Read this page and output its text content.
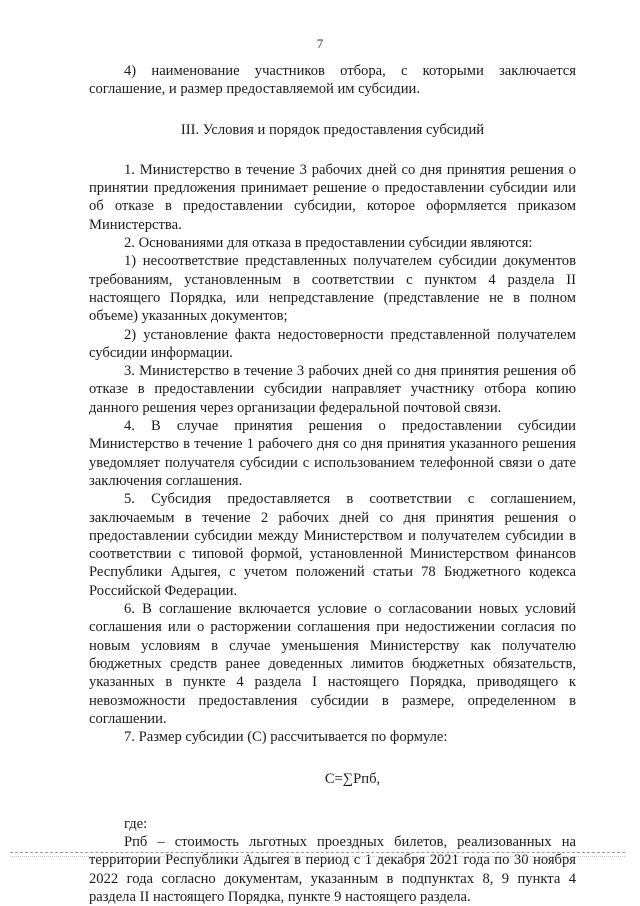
7

4) наименование участников отбора, с которыми заключается соглашение, и размер предоставляемой им субсидии.

III. Условия и порядок предоставления субсидий

1. Министерство в течение 3 рабочих дней со дня принятия решения о принятии предложения принимает решение о предоставлении субсидии или об отказе в предоставлении субсидии, которое оформляется приказом Министерства.

2. Основаниями для отказа в предоставлении субсидии являются:

1) несоответствие представленных получателем субсидии документов требованиям, установленным в соответствии с пунктом 4 раздела II настоящего Порядка, или непредставление (представление не в полном объеме) указанных документов;

2) установление факта недостоверности представленной получателем субсидии информации.

3. Министерство в течение 3 рабочих дней со дня принятия решения об отказе в предоставлении субсидии направляет участнику отбора копию данного решения через организации федеральной почтовой связи.

4. В случае принятия решения о предоставлении субсидии Министерство в течение 1 рабочего дня со дня принятия указанного решения уведомляет получателя субсидии с использованием телефонной связи о дате заключения соглашения.

5. Субсидия предоставляется в соответствии с соглашением, заключаемым в течение 2 рабочих дней со дня принятия решения о предоставлении субсидии между Министерством и получателем субсидии в соответствии с типовой формой, установленной Министерством финансов Республики Адыгея, с учетом положений статьи 78 Бюджетного кодекса Российской Федерации.

6. В соглашение включается условие о согласовании новых условий соглашения или о расторжении соглашения при недостижении согласия по новым условиям в случае уменьшения Министерству как получателю бюджетных средств ранее доведенных лимитов бюджетных обязательств, указанных в пункте 4 раздела I настоящего Порядка, приводящего к невозможности предоставления субсидии в размере, определенном в соглашении.

7. Размер субсидии (С) рассчитывается по формуле:

C=∑Pпб,

где:

Pпб – стоимость льготных проездных билетов, реализованных на территории Республики Адыгея в период с 1 декабря 2021 года по 30 ноября 2022 года согласно документам, указанным в подпунктах 8, 9 пункта 4 раздела II настоящего Порядка, пункте 9 настоящего раздела.
